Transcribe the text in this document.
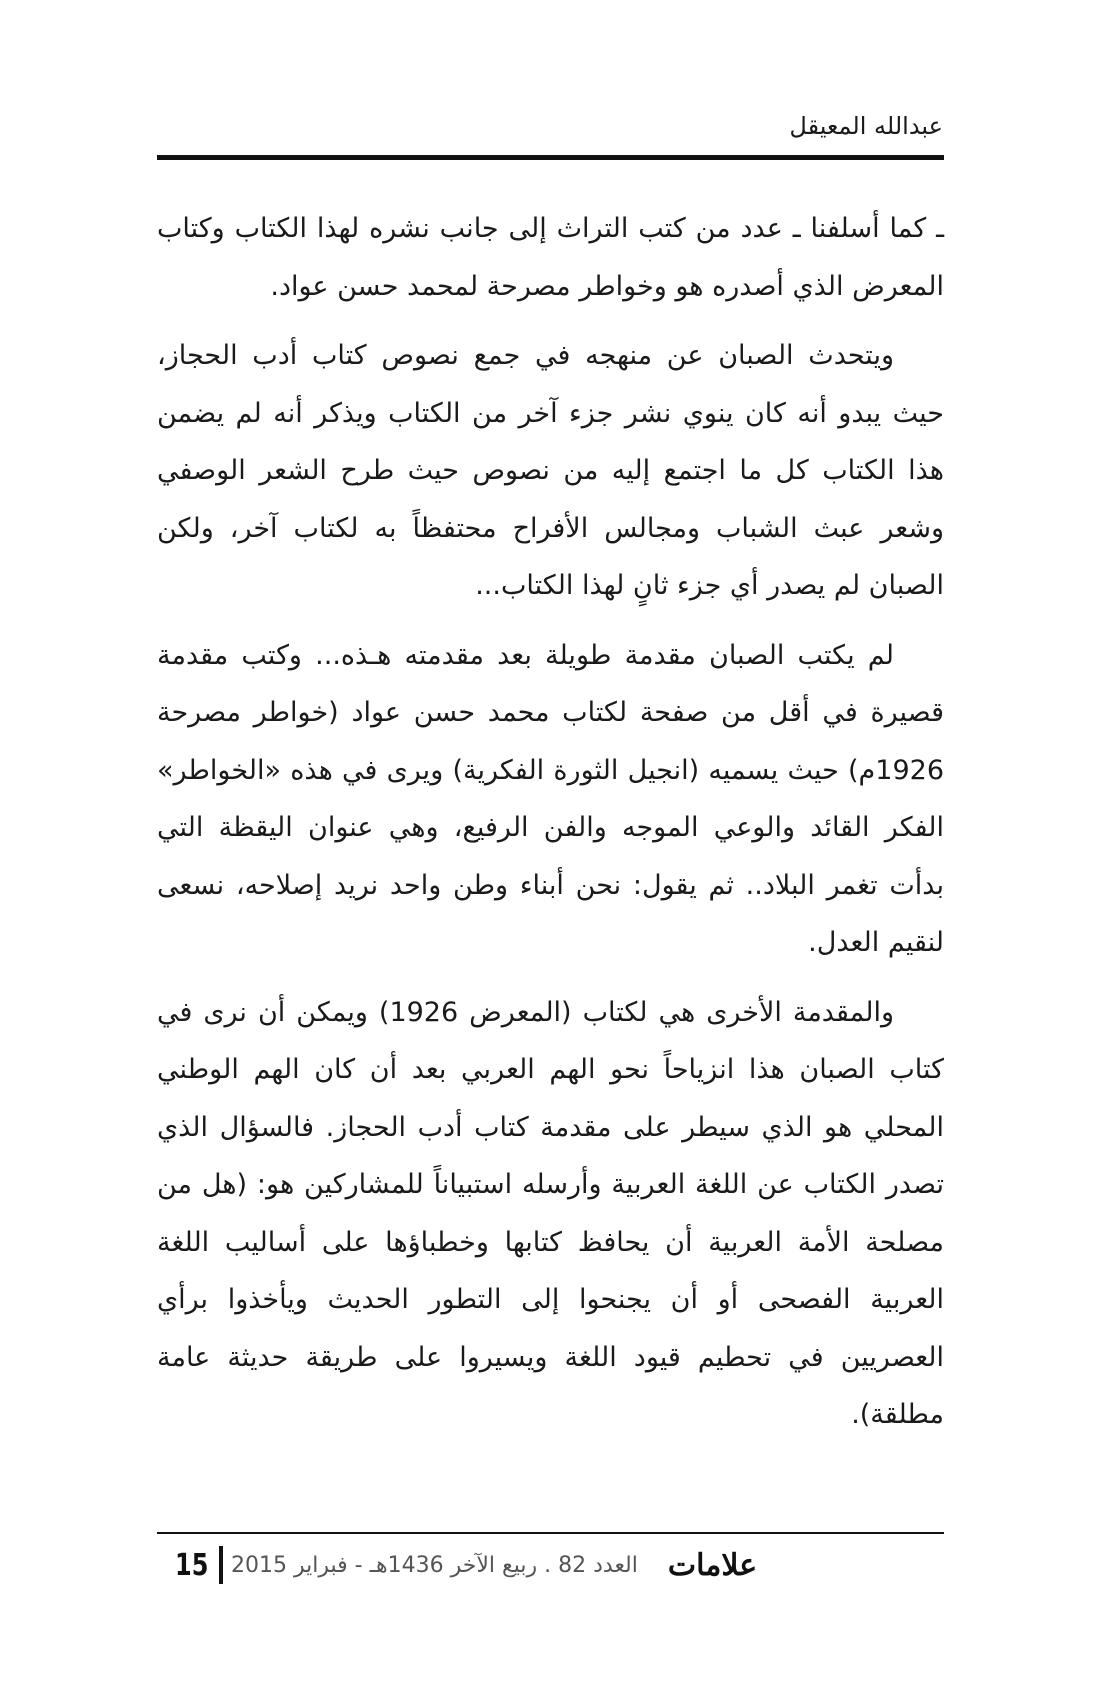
عبدالله المعيقل

ـ كما أسلفنا ـ عدد من كتب التراث إلى جانب نشره لهذا الكتاب وكتاب المعرض الذي أصدره هو وخواطر مصرحة لمحمد حسن عواد.

ويتحدث الصبان عن منهجه في جمع نصوص كتاب أدب الحجاز، حيث يبدو أنه كان ينوي نشر جزء آخر من الكتاب ويذكر أنه لم يضمن هذا الكتاب كل ما اجتمع إليه من نصوص حيث طرح الشعر الوصفي وشعر عبث الشباب ومجالس الأفراح محتفظاً به لكتاب آخر، ولكن الصبان لم يصدر أي جزء ثانٍ لهذا الكتاب...

لم يكتب الصبان مقدمة طويلة بعد مقدمته هـذه... وكتب مقدمة قصيرة في أقل من صفحة لكتاب محمد حسن عواد (خواطر مصرحة 1926م) حيث يسميه (انجيل الثورة الفكرية) ويرى في هذه «الخواطر» الفكر القائد والوعي الموجه والفن الرفيع، وهي عنوان اليقظة التي بدأت تغمر البلاد.. ثم يقول: نحن أبناء وطن واحد نريد إصلاحه، نسعى لنقيم العدل.

والمقدمة الأخرى هي لكتاب (المعرض 1926) ويمكن أن نرى في كتاب الصبان هذا انزياحاً نحو الهم العربي بعد أن كان الهم الوطني المحلي هو الذي سيطر على مقدمة كتاب أدب الحجاز. فالسؤال الذي تصدر الكتاب عن اللغة العربية وأرسله استبياناً للمشاركين هو: (هل من مصلحة الأمة العربية أن يحافظ كتابها وخطباؤها على أساليب اللغة العربية الفصحى أو أن يجنحوا إلى التطور الحديث ويأخذوا برأي العصريين في تحطيم قيود اللغة ويسيروا على طريقة حديثة عامة مطلقة).

15 العدد 82 . ربيع الآخر 1436هـ - فبراير 2015 علامات
